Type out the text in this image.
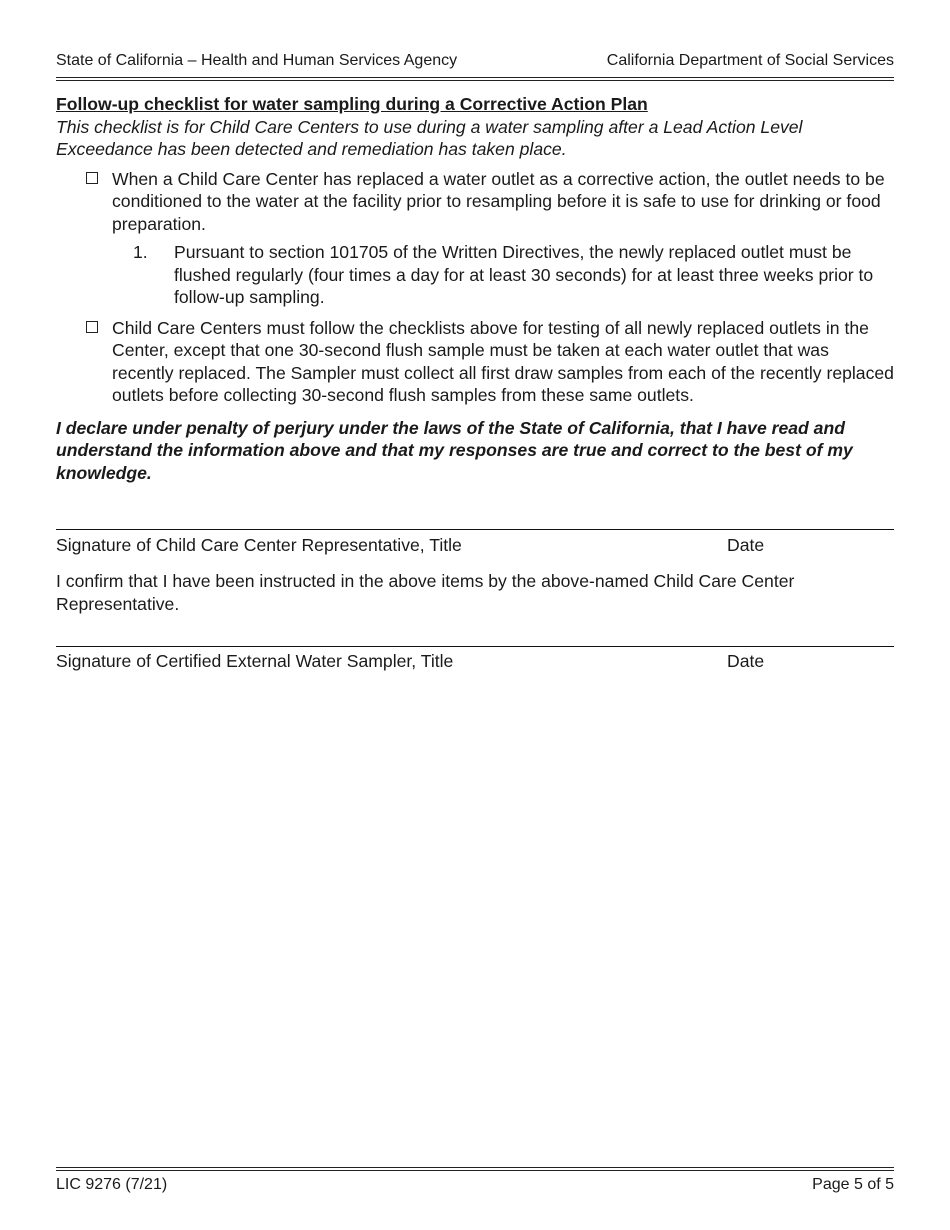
State of California – Health and Human Services Agency	California Department of Social Services

Follow-up checklist for water sampling during a Corrective Action Plan

This checklist is for Child Care Centers to use during a water sampling after a Lead Action Level Exceedance has been detected and remediation has taken place.

When a Child Care Center has replaced a water outlet as a corrective action, the outlet needs to be conditioned to the water at the facility prior to resampling before it is safe to use for drinking or food preparation.
1. Pursuant to section 101705 of the Written Directives, the newly replaced outlet must be flushed regularly (four times a day for at least 30 seconds) for at least three weeks prior to follow-up sampling.
Child Care Centers must follow the checklists above for testing of all newly replaced outlets in the Center, except that one 30-second flush sample must be taken at each water outlet that was recently replaced. The Sampler must collect all first draw samples from each of the recently replaced outlets before collecting 30-second flush samples from these same outlets.
I declare under penalty of perjury under the laws of the State of California, that I have read and understand the information above and that my responses are true and correct to the best of my knowledge.
Signature of Child Care Center Representative, Title	Date
I confirm that I have been instructed in the above items by the above-named Child Care Center Representative.
Signature of Certified External Water Sampler, Title	Date
LIC 9276 (7/21)	Page 5 of 5
